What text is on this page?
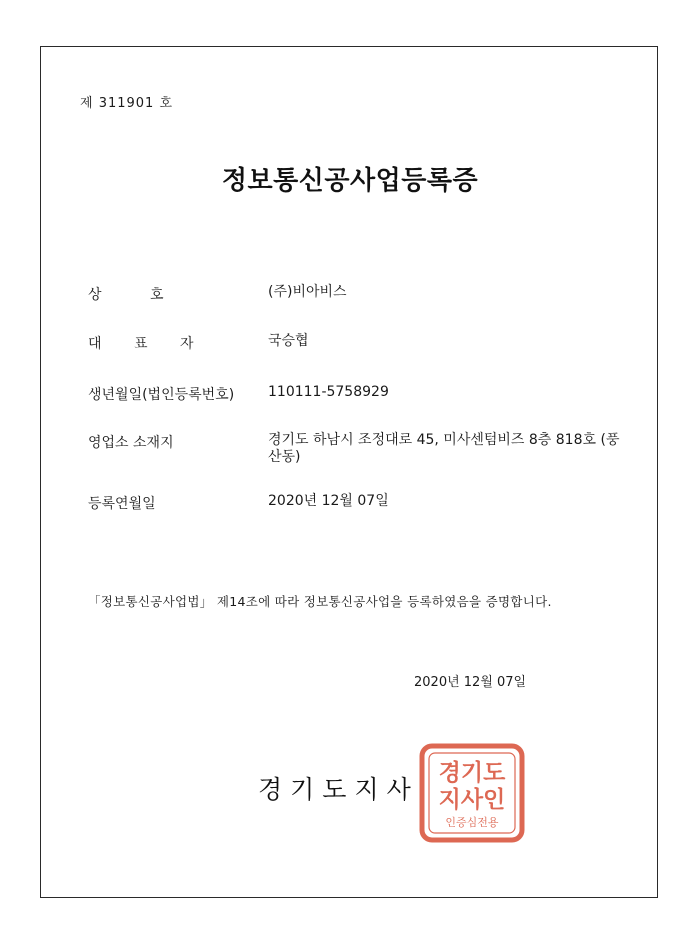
제 311901 호
정보통신공사업등록증
상 호	(주)비아비스
대 표 자	국승협
생년월일(법인등록번호) 110111-5758929
영업소 소재지	경기도 하남시 조정대로 45, 미사센텀비즈 8층 818호 (풍산동)
등록연월일	2020년 12월 07일
「정보통신공사업법」 제14조에 따라 정보통신공사업을 등록하였음을 증명합니다.
2020년 12월 07일
경기도지사
경기도
지사인
인증심전용
